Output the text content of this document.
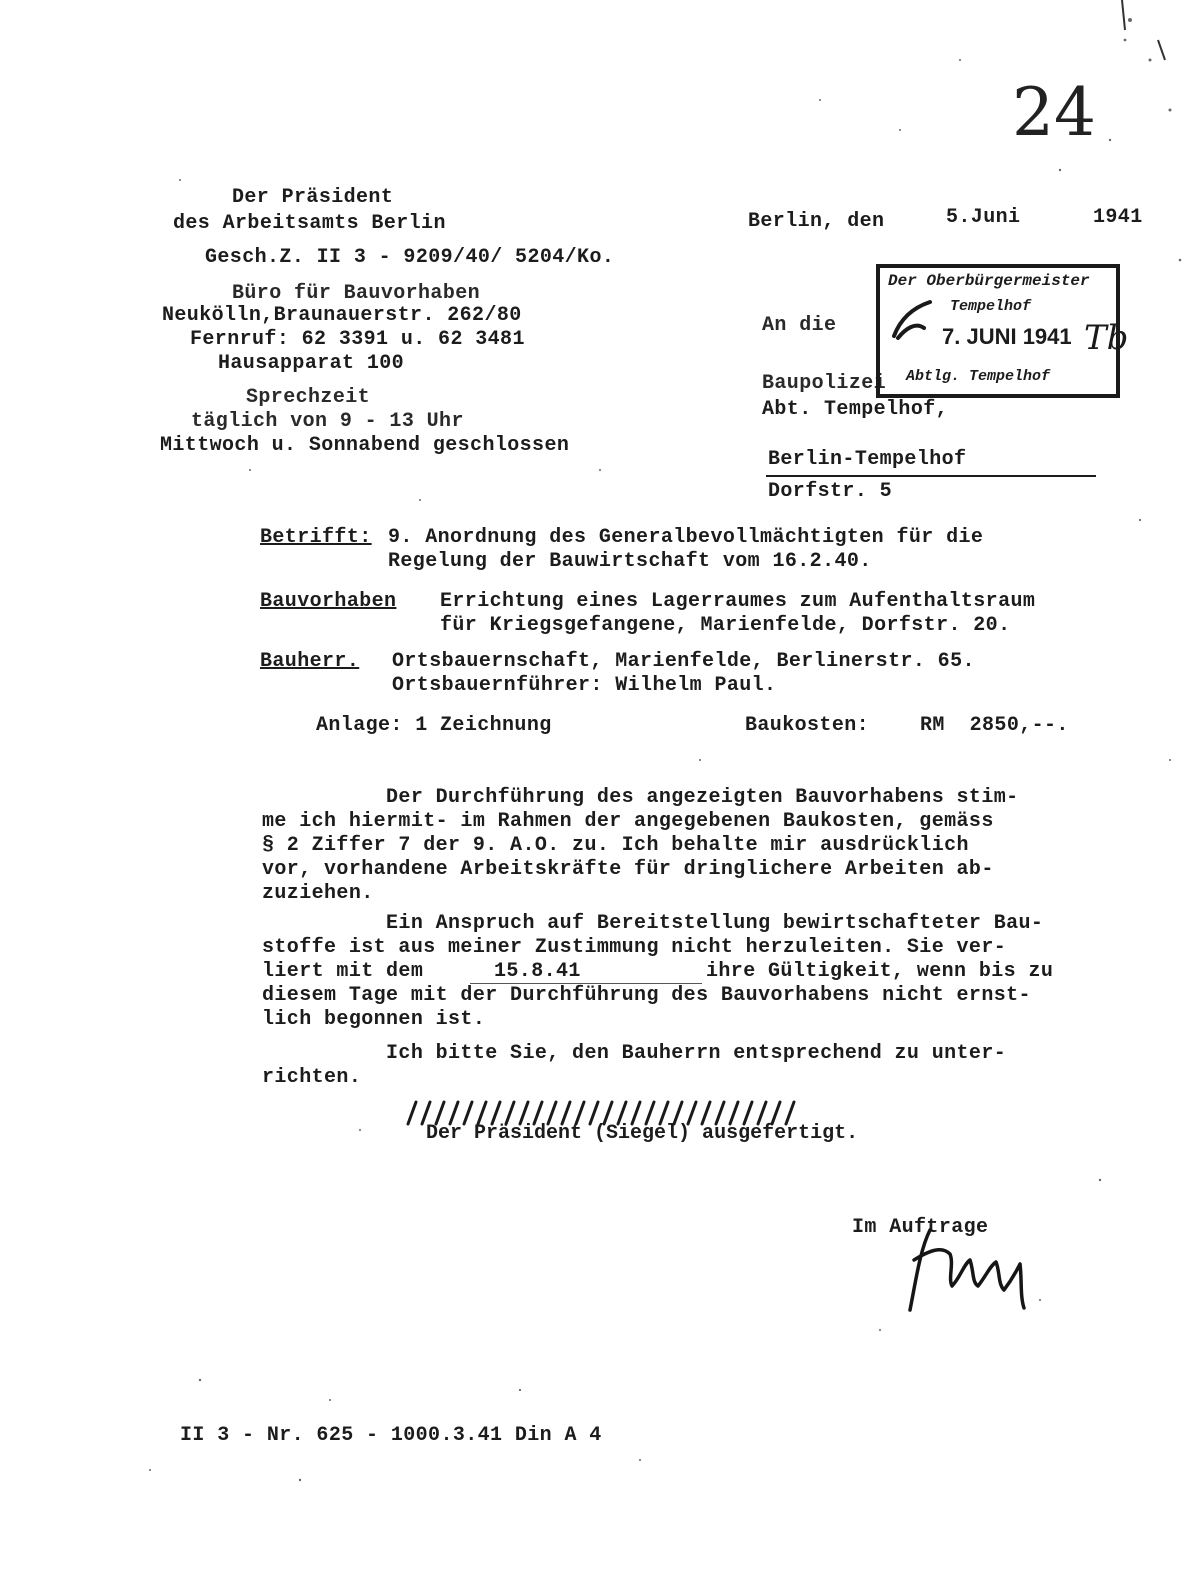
24
Der Präsident
des Arbeitsamts Berlin
Gesch.Z. II 3 - 9209/40/ 5204/Ko.
Büro für Bauvorhaben
Neukölln,Braunauerstr. 262/80
Fernruf: 62 3391 u. 62 3481
Hausapparat 100
Sprechzeit
täglich von 9 - 13 Uhr
Mittwoch u. Sonnabend geschlossen
Berlin, den	5.Juni	1941
An die
Baupolizei
Abt. Tempelhof,
Berlin-Tempelhof
Dorfstr. 5
Der Oberbürgermeister
Tempelhof
7. JUNI 1941
Abtlg. Tempelhof
Tb
Betrifft: 9. Anordnung des Generalbevollmächtigten für die
Regelung der Bauwirtschaft vom 16.2.40.
Bauvorhaben Errichtung eines Lagerraumes zum Aufenthaltsraum
für Kriegsgefangene, Marienfelde, Dorfstr. 20.
Bauherr. Ortsbauernschaft, Marienfelde, Berlinerstr. 65.
Ortsbauernführer: Wilhelm Paul.
Anlage: 1 Zeichnung	Baukosten:	RM  2850,--.
Der Durchführung des angezeigten Bauvorhabens stim-
me ich hiermit- im Rahmen der angegebenen Baukosten, gemäss
§ 2 Ziffer 7 der 9. A.O. zu. Ich behalte mir ausdrücklich
vor, vorhandene Arbeitskräfte für dringlichere Arbeiten ab-
zuziehen.
Ein Anspruch auf Bereitstellung bewirtschafteter Bau-
stoffe ist aus meiner Zustimmung nicht herzuleiten. Sie ver-
liert mit dem	15.8.41	ihre Gültigkeit, wenn bis zu
diesem Tage mit der Durchführung des Bauvorhabens nicht ernst-
lich begonnen ist.
Ich bitte Sie, den Bauherrn entsprechend zu unter-
richten.

Der Präsident (Siegel) ausgefertigt.

Im Auftrage
II 3 - Nr. 625 - 1000.3.41 Din A 4
